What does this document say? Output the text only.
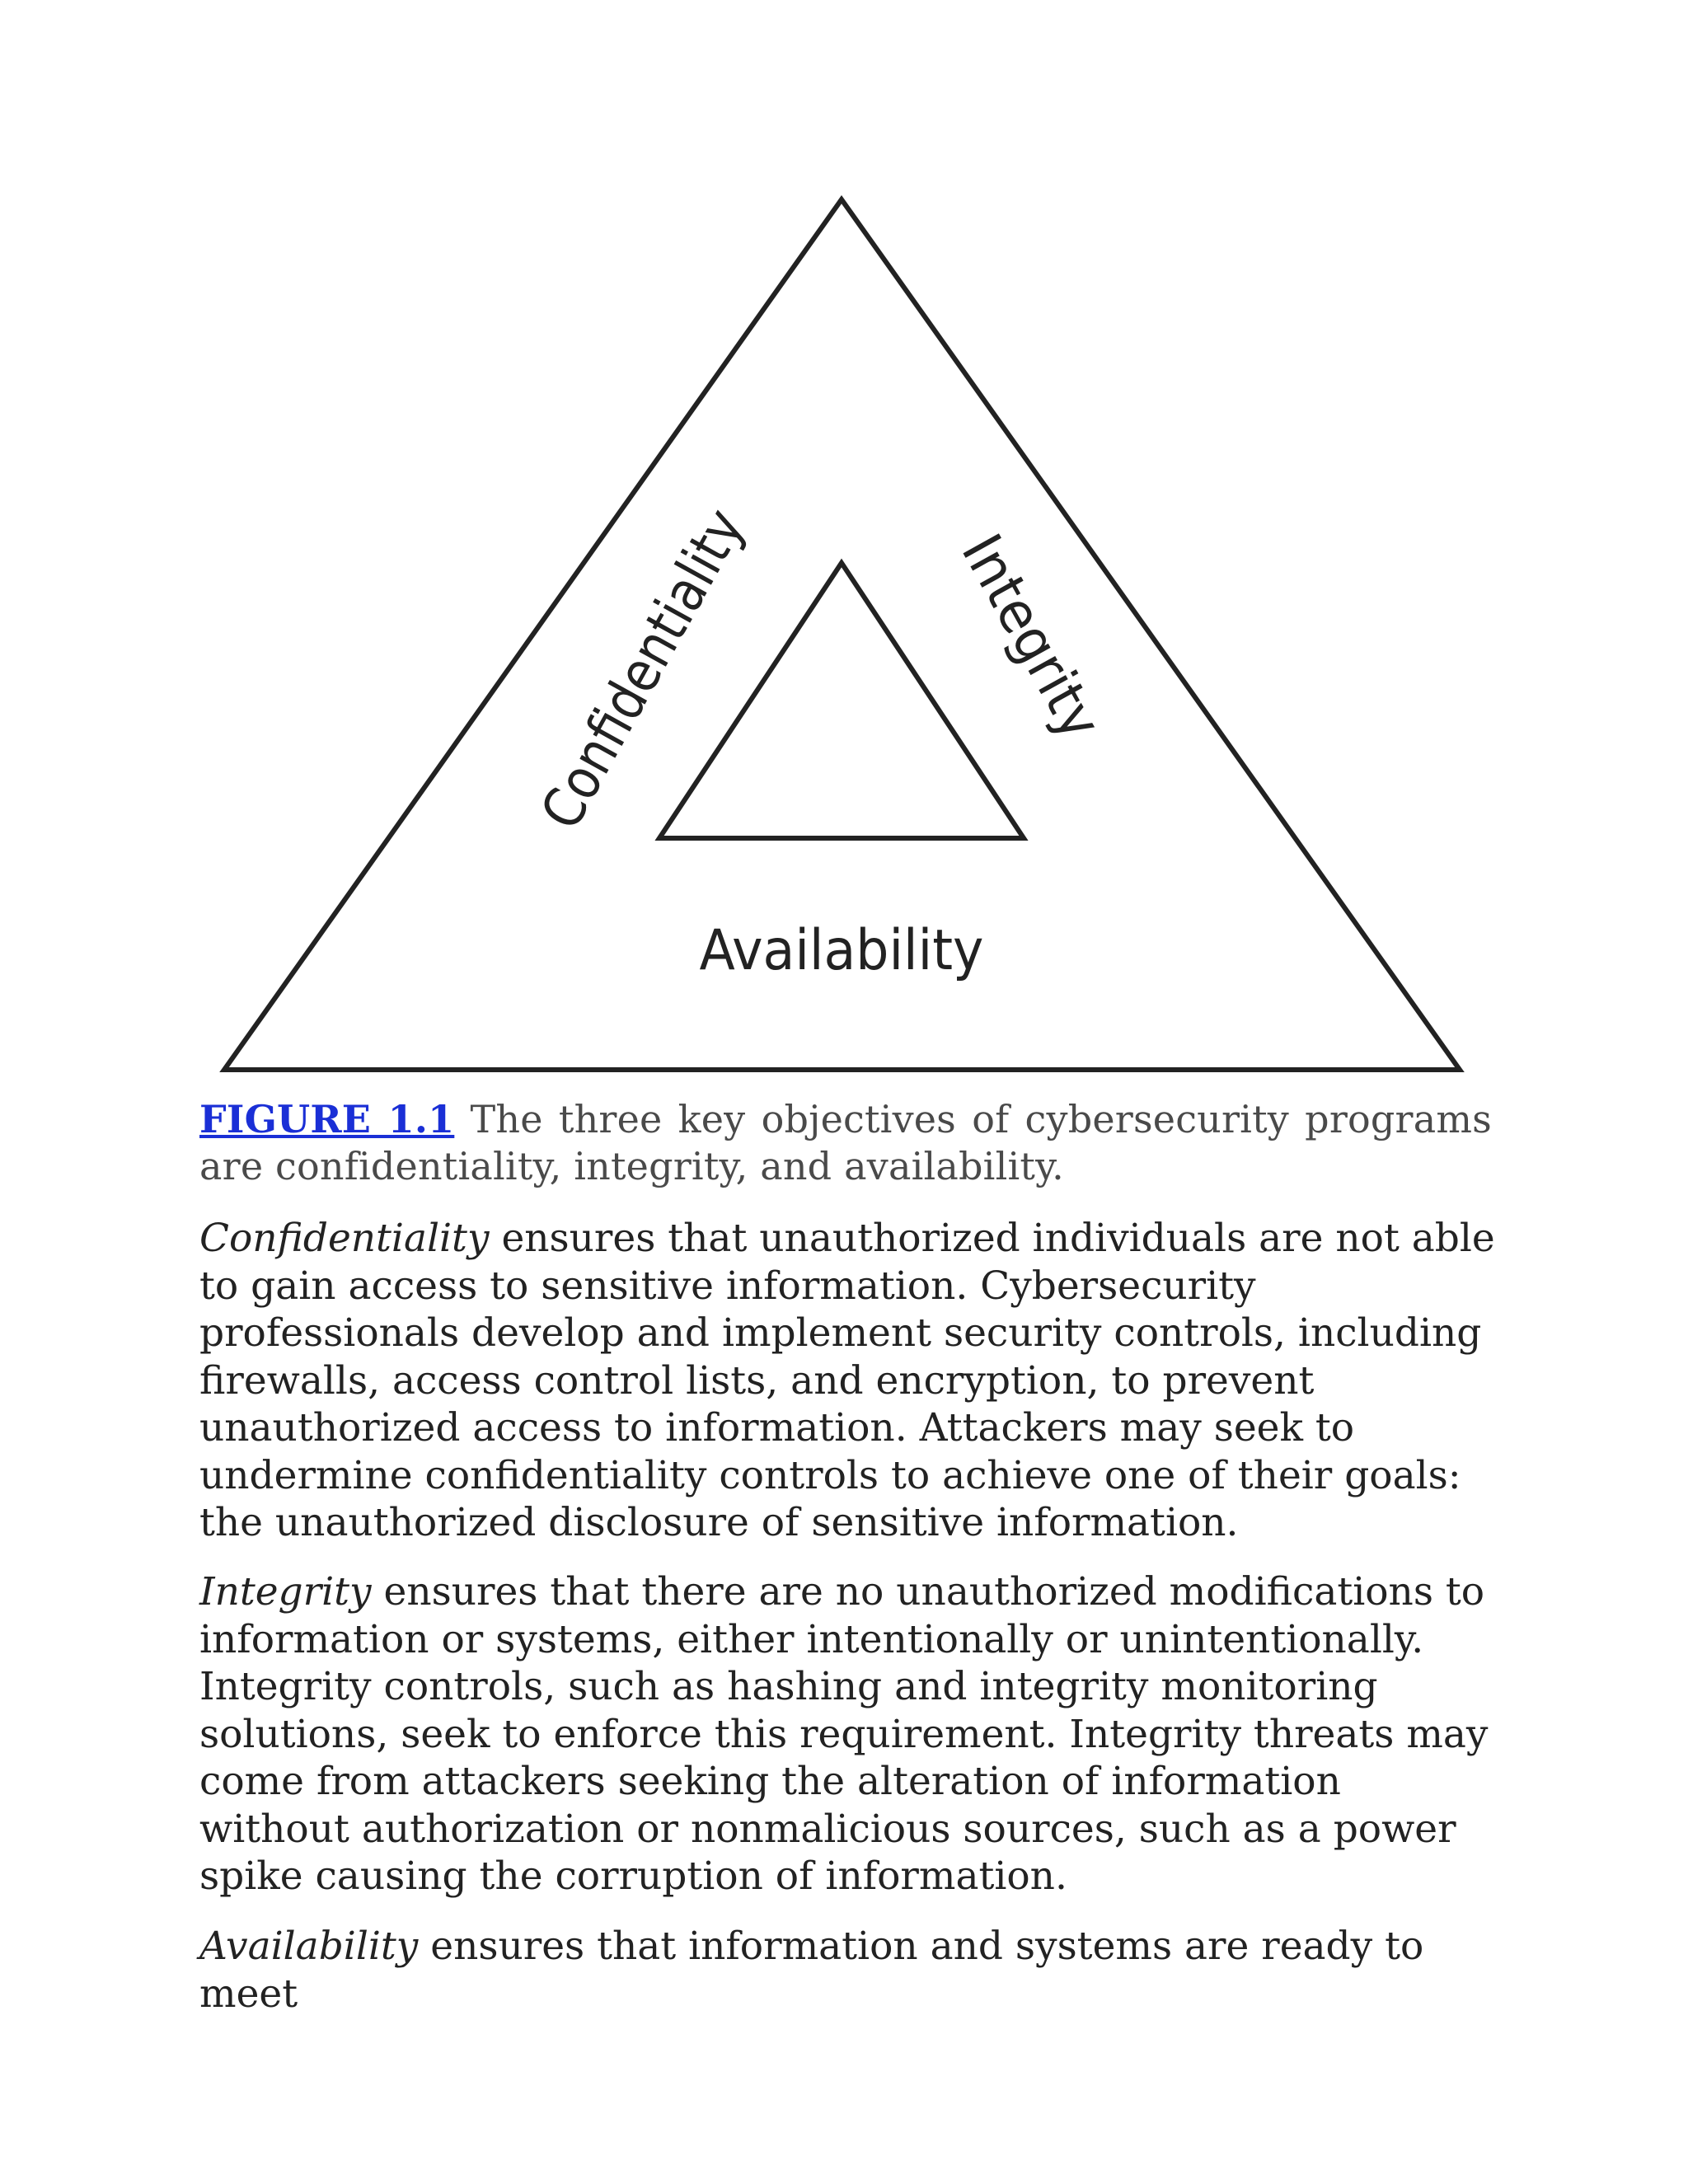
Confidentiality	Integrity
Availability

FIGURE 1.1 The three key objectives of cybersecurity programs are confidentiality, integrity, and availability.

Confidentiality ensures that unauthorized individuals are not able to gain access to sensitive information. Cybersecurity professionals develop and implement security controls, including firewalls, access control lists, and encryption, to prevent unauthorized access to information. Attackers may seek to undermine confidentiality controls to achieve one of their goals: the unauthorized disclosure of sensitive information.

Integrity ensures that there are no unauthorized modifications to information or systems, either intentionally or unintentionally. Integrity controls, such as hashing and integrity monitoring solutions, seek to enforce this requirement. Integrity threats may come from attackers seeking the alteration of information without authorization or nonmalicious sources, such as a power spike causing the corruption of information.

Availability ensures that information and systems are ready to meet
